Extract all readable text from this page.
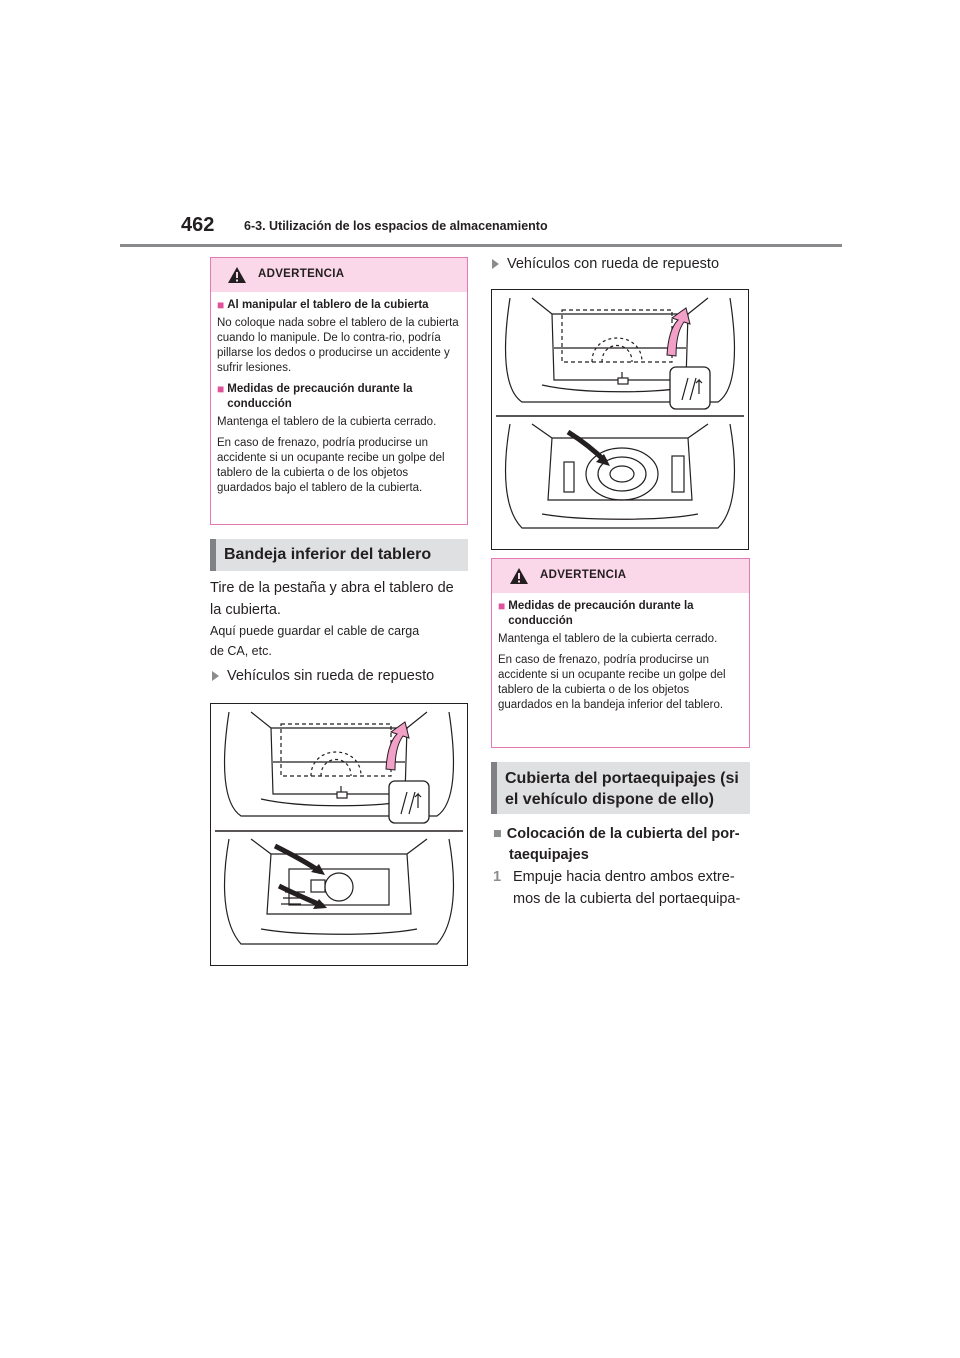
462 6-3. Utilización de los espacios de almacenamiento
ADVERTENCIA
■ Al manipular el tablero de la cubierta

No coloque nada sobre el tablero de la cubierta cuando lo manipule. De lo contra-rio, podría pillarse los dedos o producirse un accidente y sufrir lesiones.

■ Medidas de precaución durante la conducción

Mantenga el tablero de la cubierta cerrado.

En caso de frenazo, podría producirse un accidente si un ocupante recibe un golpe del tablero de la cubierta o de los objetos guardados bajo el tablero de la cubierta.

Bandeja inferior del tablero
Tire de la pestaña y abra el tablero de la cubierta.
Aquí puede guardar el cable de carga
de CA, etc.
Vehículos sin rueda de repuesto
Vehículos con rueda de repuesto
ADVERTENCIA
■ Medidas de precaución durante la conducción

Mantenga el tablero de la cubierta cerrado.

En caso de frenazo, podría producirse un accidente si un ocupante recibe un golpe del tablero de la cubierta o de los objetos guardados en la bandeja inferior del tablero.

Cubierta del portaequipajes (si
el vehículo dispone de ello)
■ Colocación de la cubierta del por-
taequipajes
1 Empuje hacia dentro ambos extre-
mos de la cubierta del portaequipa-
